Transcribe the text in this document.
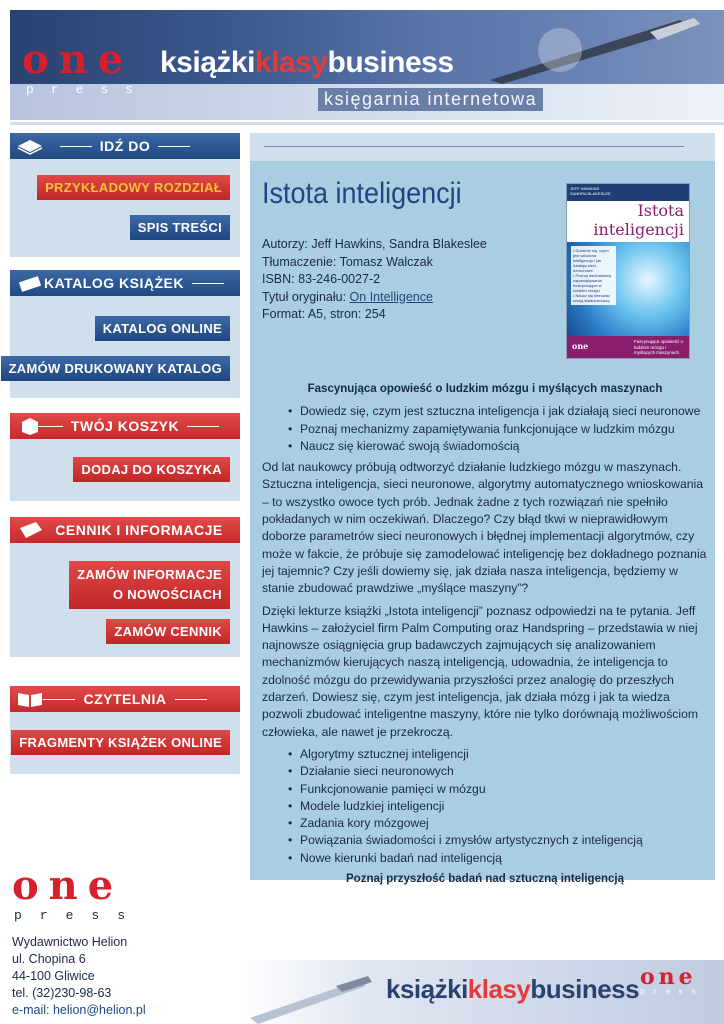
one
press
książkiklasybusiness
księgarnia internetowa
IDŹ DO
PRZYKŁADOWY ROZDZIAŁ
SPIS TREŚCI
KATALOG KSIĄŻEK
KATALOG ONLINE
ZAMÓW DRUKOWANY KATALOG
TWÓJ KOSZYK
DODAJ DO KOSZYKA
CENNIK I INFORMACJE
ZAMÓW INFORMACJE
O NOWOŚCIACH
ZAMÓW CENNIK
CZYTELNIA
FRAGMENTY KSIĄŻEK ONLINE
Istota inteligencji
Autorzy: Jeff Hawkins, Sandra Blakeslee
Tłumaczenie: Tomasz Walczak
ISBN: 83-246-0027-2
Tytuł oryginału: On Intelligence
Format: A5, stron: 254
JEFF HAWKINS
SANDRA BLAKESLEE
Istota
inteligencji
• Dowiedz się, czym jest sztuczna inteligencja i jak działają sieci neuronowe
• Poznaj mechanizmy zapamiętywania funkcjonujące w ludzkim mózgu
• Naucz się kierować swoją świadomością
one	Fascynująca opowieść o ludzkim mózgu i myślących maszynach
Fascynująca opowieść o ludzkim mózgu i myślących maszynach
• Dowiedz się, czym jest sztuczna inteligencja i jak działają sieci neuronowe
• Poznaj mechanizmy zapamiętywania funkcjonujące w ludzkim mózgu
• Naucz się kierować swoją świadomością

Od lat naukowcy próbują odtworzyć działanie ludzkiego mózgu w maszynach. Sztuczna inteligencja, sieci neuronowe, algorytmy automatycznego wnioskowania – to wszystko owoce tych prób. Jednak żadne z tych rozwiązań nie spełniło pokładanych w nim oczekiwań. Dlaczego? Czy błąd tkwi w nieprawidłowym doborze parametrów sieci neuronowych i błędnej implementacji algorytmów, czy może w fakcie, że próbuje się zamodelować inteligencję bez dokładnego poznania jej tajemnic? Czy jeśli dowiemy się, jak działa nasza inteligencja, będziemy w stanie zbudować prawdziwe „myślące maszyny”?

Dzięki lekturze książki „Istota inteligencji” poznasz odpowiedzi na te pytania. Jeff Hawkins – założyciel firm Palm Computing oraz Handspring – przedstawia w niej najnowsze osiągnięcia grup badawczych zajmujących się analizowaniem mechanizmów kierujących naszą inteligencją, udowadnia, że inteligencja to zdolność mózgu do przewidywania przyszłości przez analogię do przeszłych zdarzeń. Dowiesz się, czym jest inteligencja, jak działa mózg i jak ta wiedza pozwoli zbudować inteligentne maszyny, które nie tylko dorównają możliwościom człowieka, ale nawet je przekroczą.

• Algorytmy sztucznej inteligencji
• Działanie sieci neuronowych
• Funkcjonowanie pamięci w mózgu
• Modele ludzkiej inteligencji
• Zadania kory mózgowej
• Powiązania świadomości i zmysłów artystycznych z inteligencją
• Nowe kierunki badań nad inteligencją
Poznaj przyszłość badań nad sztuczną inteligencją
one
press
Wydawnictwo Helion
ul. Chopina 6
44-100 Gliwice
tel. (32)230-98-63
e-mail: helion@helion.pl
książkiklasybusiness one
press
